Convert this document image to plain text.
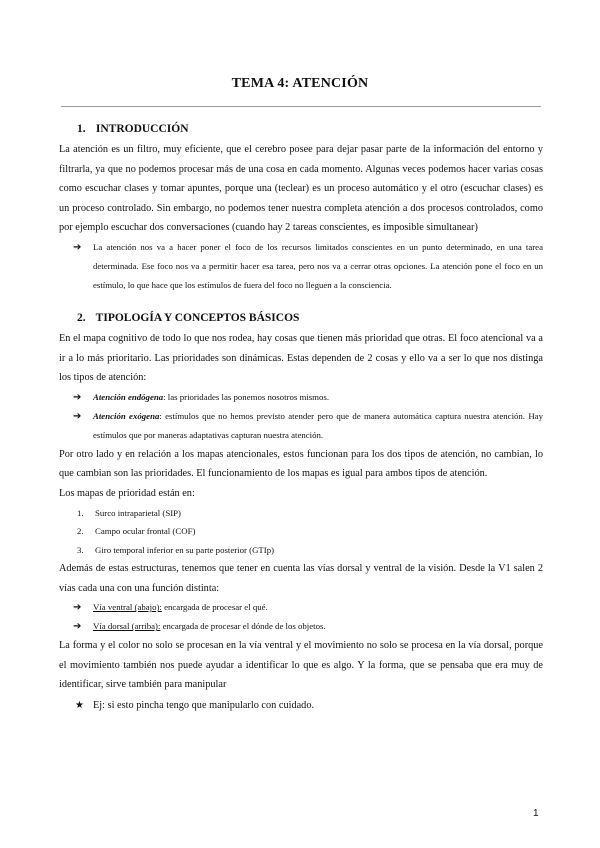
TEMA 4: ATENCIÓN
1. INTRODUCCIÓN

La atención es un filtro, muy eficiente, que el cerebro posee para dejar pasar parte de la información del entorno y filtrarla, ya que no podemos procesar más de una cosa en cada momento. Algunas veces podemos hacer varias cosas como escuchar clases y tomar apuntes, porque una (teclear) es un proceso automático y el otro (escuchar clases) es un proceso controlado. Sin embargo, no podemos tener nuestra completa atención a dos procesos controlados, como por ejemplo escuchar dos conversaciones (cuando hay 2 tareas conscientes, es imposible simultanear)

➔ La atención nos va a hacer poner el foco de los recursos limitados conscientes en un punto determinado, en una tarea determinada. Ese foco nos va a permitir hacer esa tarea, pero nos va a cerrar otras opciones. La atención pone el foco en un estímulo, lo que hace que los estímulos de fuera del foco no lleguen a la consciencia.
2. TIPOLOGÍA Y CONCEPTOS BÁSICOS

En el mapa cognitivo de todo lo que nos rodea, hay cosas que tienen más prioridad que otras. El foco atencional va a ir a lo más prioritario. Las prioridades son dinámicas. Estas dependen de 2 cosas y ello va a ser lo que nos distinga los tipos de atención:

➔ Atención endógena: las prioridades las ponemos nosotros mismos.
➔ Atención exógena: estímulos que no hemos previsto atender pero que de manera automática captura nuestra atención. Hay estímulos que por maneras adaptativas capturan nuestra atención.

Por otro lado y en relación a los mapas atencionales, estos funcionan para los dos tipos de atención, no cambian, lo que cambian son las prioridades. El funcionamiento de los mapas es igual para ambos tipos de atención.

Los mapas de prioridad están en:

1. Surco intraparietal (SIP)
2. Campo ocular frontal (COF)
3. Giro temporal inferior en su parte posterior (GTIp)

Además de estas estructuras, tenemos que tener en cuenta las vías dorsal y ventral de la visión. Desde la V1 salen 2 vías cada una con una función distinta:

➔ Vía ventral (abajo): encargada de procesar el qué.
➔ Vía dorsal (arriba): encargada de procesar el dónde de los objetos.

La forma y el color no solo se procesan en la vía ventral y el movimiento no solo se procesa en la vía dorsal, porque el movimiento también nos puede ayudar a identificar lo que es algo. Y la forma, que se pensaba que era muy de identificar, sirve también para manipular

★ Ej: si esto pincha tengo que manipularlo con cuidado.
1
